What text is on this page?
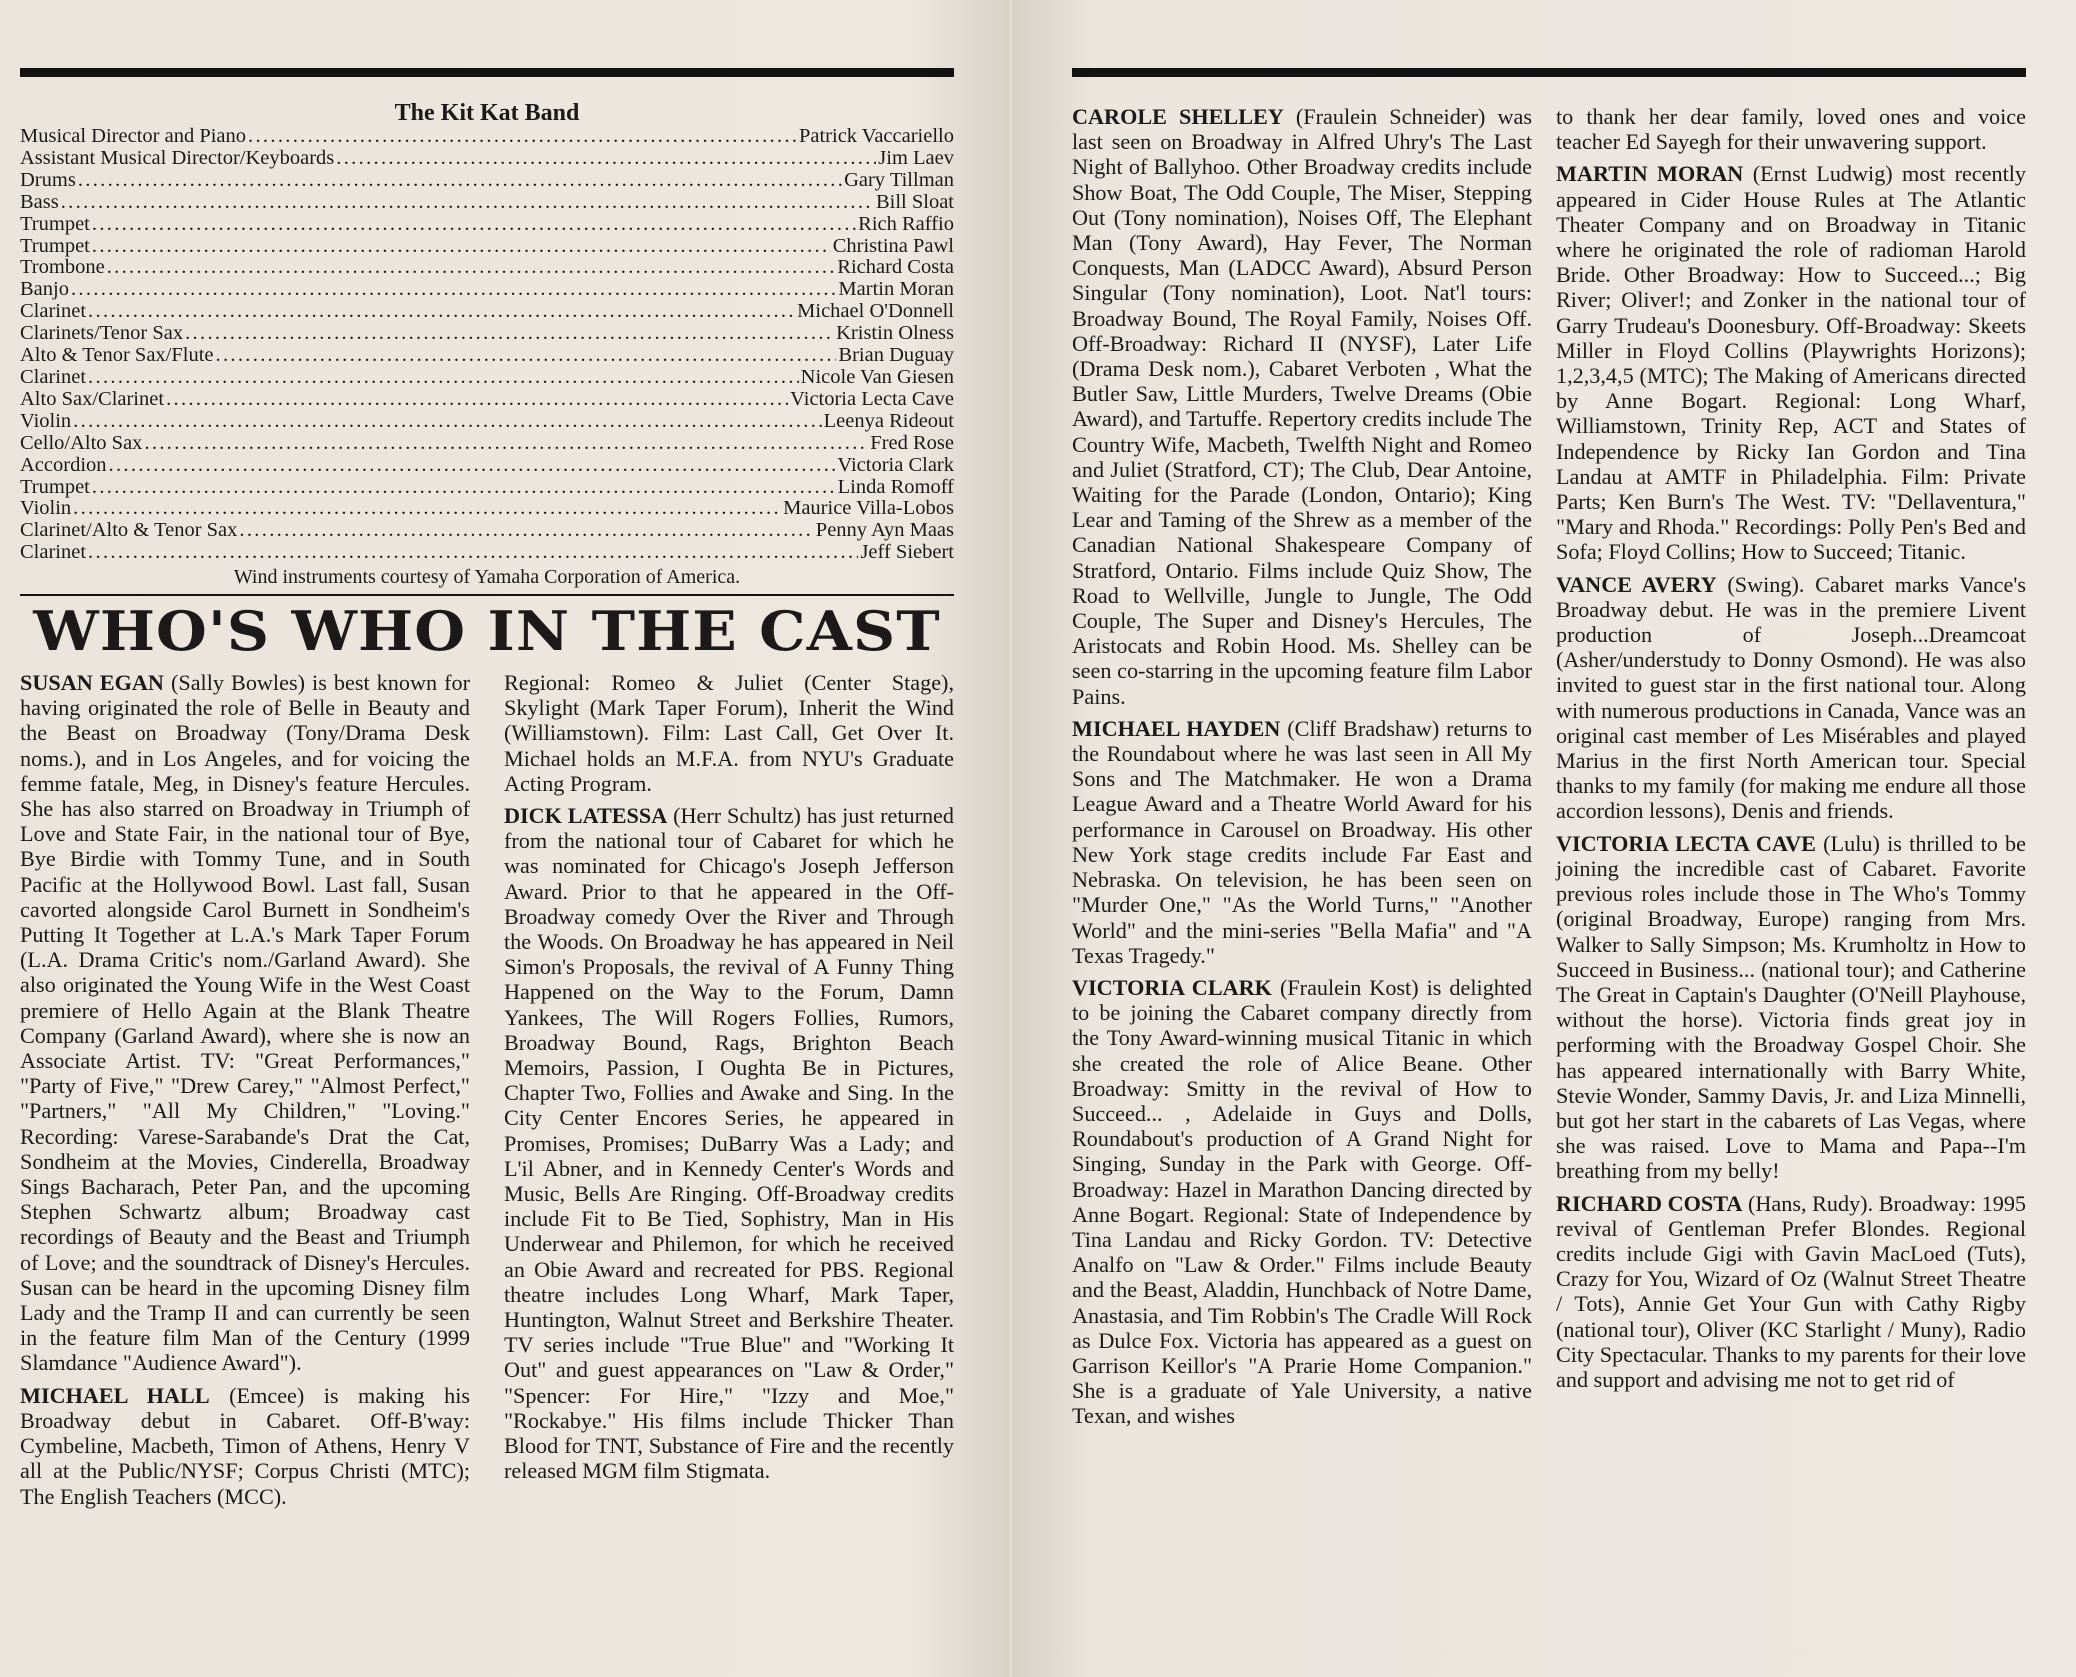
The Kit Kat Band
Musical Director and Piano . . .	Patrick Vaccariello
Assistant Musical Director/Keyboards . . .	Jim Laev
Drums . . .	Gary Tillman
Bass . . .	Bill Sloat
Trumpet . . .	Rich Raffio
Trumpet . . .	Christina Pawl
Trombone . . .	Richard Costa
Banjo . . .	Martin Moran
Clarinet . . .	Michael O'Donnell
Clarinets/Tenor Sax . . .	Kristin Olness
Alto & Tenor Sax/Flute . . .	Brian Duguay
Clarinet . . .	Nicole Van Giesen
Alto Sax/Clarinet . . .	Victoria Lecta Cave
Violin . . .	Leenya Rideout
Cello/Alto Sax . . .	Fred Rose
Accordion . . .	Victoria Clark
Trumpet . . .	Linda Romoff
Violin . . .	Maurice Villa-Lobos
Clarinet/Alto & Tenor Sax . . .	Penny Ayn Maas
Clarinet . . .	Jeff Siebert
Wind instruments courtesy of Yamaha Corporation of America.
WHO'S WHO IN THE CAST

SUSAN EGAN (Sally Bowles) is best known for having originated the role of Belle in Beauty and the Beast on Broadway (Tony/Drama Desk noms.), and in Los Angeles, and for voicing the femme fatale, Meg, in Disney's feature Hercules. She has also starred on Broadway in Triumph of Love and State Fair, in the national tour of Bye, Bye Birdie with Tommy Tune, and in South Pacific at the Hollywood Bowl. Last fall, Susan cavorted alongside Carol Burnett in Sondheim's Putting It Together at L.A.'s Mark Taper Forum (L.A. Drama Critic's nom./Garland Award). She also originated the Young Wife in the West Coast premiere of Hello Again at the Blank Theatre Company (Garland Award), where she is now an Associate Artist. TV: "Great Performances," "Party of Five," "Drew Carey," "Almost Perfect," "Partners," "All My Children," "Loving." Recording: Varese-Sarabande's Drat the Cat, Sondheim at the Movies, Cinderella, Broadway Sings Bacharach, Peter Pan, and the upcoming Stephen Schwartz album; Broadway cast recordings of Beauty and the Beast and Triumph of Love; and the soundtrack of Disney's Hercules. Susan can be heard in the upcoming Disney film Lady and the Tramp II and can currently be seen in the feature film Man of the Century (1999 Slamdance "Audience Award").

MICHAEL HALL (Emcee) is making his Broadway debut in Cabaret. Off-B'way: Cymbeline, Macbeth, Timon of Athens, Henry V all at the Public/NYSF; Corpus Christi (MTC); The English Teachers (MCC).

Regional: Romeo & Juliet (Center Stage), Skylight (Mark Taper Forum), Inherit the Wind (Williamstown). Film: Last Call, Get Over It. Michael holds an M.F.A. from NYU's Graduate Acting Program.

DICK LATESSA (Herr Schultz) has just returned from the national tour of Cabaret for which he was nominated for Chicago's Joseph Jefferson Award. Prior to that he appeared in the Off-Broadway comedy Over the River and Through the Woods. On Broadway he has appeared in Neil Simon's Proposals, the revival of A Funny Thing Happened on the Way to the Forum, Damn Yankees, The Will Rogers Follies, Rumors, Broadway Bound, Rags, Brighton Beach Memoirs, Passion, I Oughta Be in Pictures, Chapter Two, Follies and Awake and Sing. In the City Center Encores Series, he appeared in Promises, Promises; DuBarry Was a Lady; and L'il Abner, and in Kennedy Center's Words and Music, Bells Are Ringing. Off-Broadway credits include Fit to Be Tied, Sophistry, Man in His Underwear and Philemon, for which he received an Obie Award and recreated for PBS. Regional theatre includes Long Wharf, Mark Taper, Huntington, Walnut Street and Berkshire Theater. TV series include "True Blue" and "Working It Out" and guest appearances on "Law & Order," "Spencer: For Hire," "Izzy and Moe," "Rockabye." His films include Thicker Than Blood for TNT, Substance of Fire and the recently released MGM film Stigmata.

CAROLE SHELLEY (Fraulein Schneider) was last seen on Broadway in Alfred Uhry's The Last Night of Ballyhoo. Other Broadway credits include Show Boat, The Odd Couple, The Miser, Stepping Out (Tony nomination), Noises Off, The Elephant Man (Tony Award), Hay Fever, The Norman Conquests, Man (LADCC Award), Absurd Person Singular (Tony nomination), Loot. Nat'l tours: Broadway Bound, The Royal Family, Noises Off. Off-Broadway: Richard II (NYSF), Later Life (Drama Desk nom.), Cabaret Verboten , What the Butler Saw, Little Murders, Twelve Dreams (Obie Award), and Tartuffe. Repertory credits include The Country Wife, Macbeth, Twelfth Night and Romeo and Juliet (Stratford, CT); The Club, Dear Antoine, Waiting for the Parade (London, Ontario); King Lear and Taming of the Shrew as a member of the Canadian National Shakespeare Company of Stratford, Ontario. Films include Quiz Show, The Road to Wellville, Jungle to Jungle, The Odd Couple, The Super and Disney's Hercules, The Aristocats and Robin Hood. Ms. Shelley can be seen co-starring in the upcoming feature film Labor Pains.

MICHAEL HAYDEN (Cliff Bradshaw) returns to the Roundabout where he was last seen in All My Sons and The Matchmaker. He won a Drama League Award and a Theatre World Award for his performance in Carousel on Broadway. His other New York stage credits include Far East and Nebraska. On television, he has been seen on "Murder One," "As the World Turns," "Another World" and the mini-series "Bella Mafia" and "A Texas Tragedy."

VICTORIA CLARK (Fraulein Kost) is delighted to be joining the Cabaret company directly from the Tony Award-winning musical Titanic in which she created the role of Alice Beane. Other Broadway: Smitty in the revival of How to Succeed... , Adelaide in Guys and Dolls, Roundabout's production of A Grand Night for Singing, Sunday in the Park with George. Off-Broadway: Hazel in Marathon Dancing directed by Anne Bogart. Regional: State of Independence by Tina Landau and Ricky Gordon. TV: Detective Analfo on "Law & Order." Films include Beauty and the Beast, Aladdin, Hunchback of Notre Dame, Anastasia, and Tim Robbin's The Cradle Will Rock as Dulce Fox. Victoria has appeared as a guest on Garrison Keillor's "A Prarie Home Companion." She is a graduate of Yale University, a native Texan, and wishes

to thank her dear family, loved ones and voice teacher Ed Sayegh for their unwavering support.

MARTIN MORAN (Ernst Ludwig) most recently appeared in Cider House Rules at The Atlantic Theater Company and on Broadway in Titanic where he originated the role of radioman Harold Bride. Other Broadway: How to Succeed...; Big River; Oliver!; and Zonker in the national tour of Garry Trudeau's Doonesbury. Off-Broadway: Skeets Miller in Floyd Collins (Playwrights Horizons); 1,2,3,4,5 (MTC); The Making of Americans directed by Anne Bogart. Regional: Long Wharf, Williamstown, Trinity Rep, ACT and States of Independence by Ricky Ian Gordon and Tina Landau at AMTF in Philadelphia. Film: Private Parts; Ken Burn's The West. TV: "Dellaventura," "Mary and Rhoda." Recordings: Polly Pen's Bed and Sofa; Floyd Collins; How to Succeed; Titanic.

VANCE AVERY (Swing). Cabaret marks Vance's Broadway debut. He was in the premiere Livent production of Joseph...Dreamcoat (Asher/understudy to Donny Osmond). He was also invited to guest star in the first national tour. Along with numerous productions in Canada, Vance was an original cast member of Les Misérables and played Marius in the first North American tour. Special thanks to my family (for making me endure all those accordion lessons), Denis and friends.

VICTORIA LECTA CAVE (Lulu) is thrilled to be joining the incredible cast of Cabaret. Favorite previous roles include those in The Who's Tommy (original Broadway, Europe) ranging from Mrs. Walker to Sally Simpson; Ms. Krumholtz in How to Succeed in Business... (national tour); and Catherine The Great in Captain's Daughter (O'Neill Playhouse, without the horse). Victoria finds great joy in performing with the Broadway Gospel Choir. She has appeared internationally with Barry White, Stevie Wonder, Sammy Davis, Jr. and Liza Minnelli, but got her start in the cabarets of Las Vegas, where she was raised. Love to Mama and Papa--I'm breathing from my belly!

RICHARD COSTA (Hans, Rudy). Broadway: 1995 revival of Gentleman Prefer Blondes. Regional credits include Gigi with Gavin MacLoed (Tuts), Crazy for You, Wizard of Oz (Walnut Street Theatre / Tots), Annie Get Your Gun with Cathy Rigby (national tour), Oliver (KC Starlight / Muny), Radio City Spectacular. Thanks to my parents for their love and support and advising me not to get rid of
